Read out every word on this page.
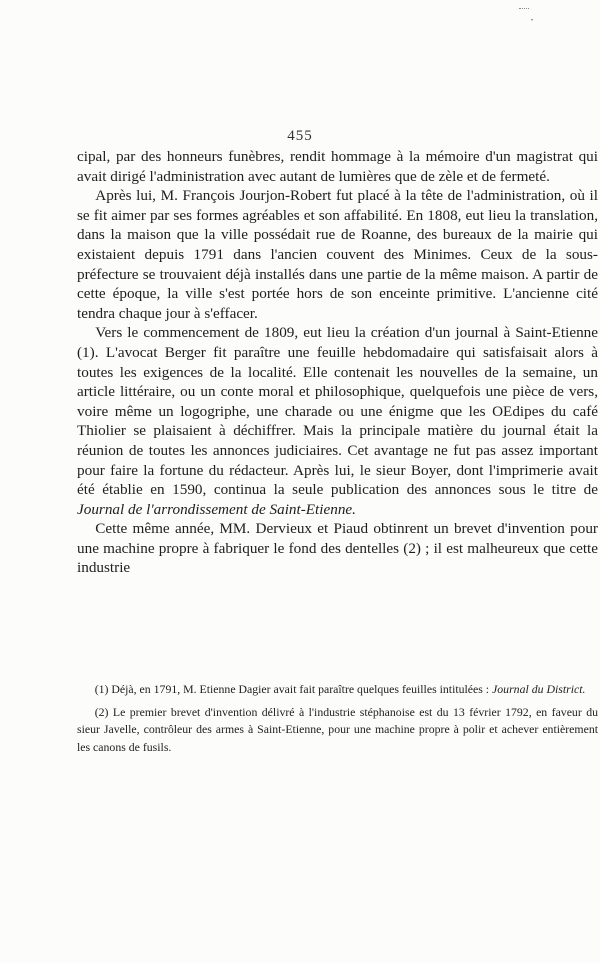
•
455

cipal, par des honneurs funèbres, rendit hommage à la mémoire d'un magistrat qui avait dirigé l'administration avec autant de lumières que de zèle et de fermeté.

Après lui, M. François Jourjon-Robert fut placé à la tête de l'administration, où il se fit aimer par ses formes agréables et son affabilité. En 1808, eut lieu la translation, dans la maison que la ville possédait rue de Roanne, des bureaux de la mairie qui existaient depuis 1791 dans l'ancien couvent des Minimes. Ceux de la sous-préfecture se trouvaient déjà installés dans une partie de la même maison. A partir de cette époque, la ville s'est portée hors de son enceinte primitive. L'ancienne cité tendra chaque jour à s'effacer.

Vers le commencement de 1809, eut lieu la création d'un journal à Saint-Etienne (1). L'avocat Berger fit paraître une feuille hebdomadaire qui satisfaisait alors à toutes les exigences de la localité. Elle contenait les nouvelles de la semaine, un article littéraire, ou un conte moral et philosophique, quelquefois une pièce de vers, voire même un logogriphe, une charade ou une énigme que les OEdipes du café Thiolier se plaisaient à déchiffrer. Mais la principale matière du journal était la réunion de toutes les annonces judiciaires. Cet avantage ne fut pas assez important pour faire la fortune du rédacteur. Après lui, le sieur Boyer, dont l'imprimerie avait été établie en 1590, continua la seule publication des annonces sous le titre de Journal de l'arrondissement de Saint-Etienne.

Cette même année, MM. Dervieux et Piaud obtinrent un brevet d'invention pour une machine propre à fabriquer le fond des dentelles (2) ; il est malheureux que cette industrie

(1) Déjà, en 1791, M. Etienne Dagier avait fait paraître quelques feuilles intitulées : Journal du District.

(2) Le premier brevet d'invention délivré à l'industrie stéphanoise est du 13 février 1792, en faveur du sieur Javelle, contrôleur des armes à Saint-Etienne, pour une machine propre à polir et achever entièrement les canons de fusils.
